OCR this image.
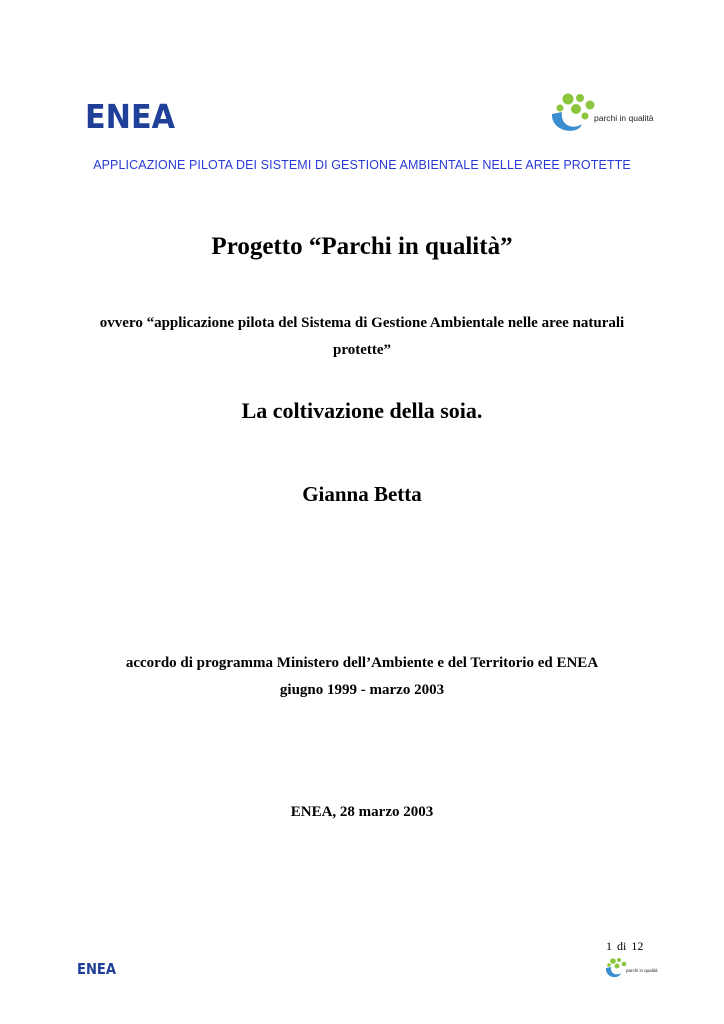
ENEA	parchi in qualità
APPLICAZIONE PILOTA DEI SISTEMI DI GESTIONE AMBIENTALE NELLE AREE PROTETTE
Progetto “Parchi in qualità”
ovvero “applicazione pilota del Sistema di Gestione Ambientale nelle aree naturali protette”
La coltivazione della soia.
Gianna Betta
accordo di programma Ministero dell’Ambiente e del Territorio ed ENEA
giugno 1999 - marzo 2003
ENEA, 28 marzo 2003
1 di 12
ENEA	parchi in qualità
